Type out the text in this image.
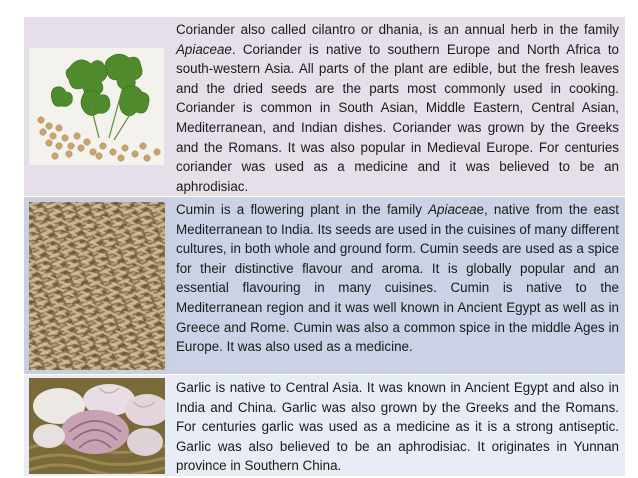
Coriander also called cilantro or dhania, is an annual herb in the family Apiaceae. Coriander is native to southern Europe and North Africa to south-western Asia. All parts of the plant are edible, but the fresh leaves and the dried seeds are the parts most commonly used in cooking. Coriander is common in South Asian, Middle Eastern, Central Asian, Mediterranean, and Indian dishes. Coriander was grown by the Greeks and the Romans. It was also popular in Medieval Europe. For centuries coriander was used as a medicine and it was believed to be an aphrodisiac.
Cumin is a flowering plant in the family Apiaceae, native from the east Mediterranean to India. Its seeds are used in the cuisines of many different cultures, in both whole and ground form. Cumin seeds are used as a spice for their distinctive flavour and aroma. It is globally popular and an essential flavouring in many cuisines. Cumin is native to the Mediterranean region and it was well known in Ancient Egypt as well as in Greece and Rome. Cumin was also a common spice in the middle Ages in Europe. It was also used as a medicine.
Garlic is native to Central Asia. It was known in Ancient Egypt and also in India and China. Garlic was also grown by the Greeks and the Romans. For centuries garlic was used as a medicine as it is a strong antiseptic. Garlic was also believed to be an aphrodisiac. It originates in Yunnan province in Southern China.
